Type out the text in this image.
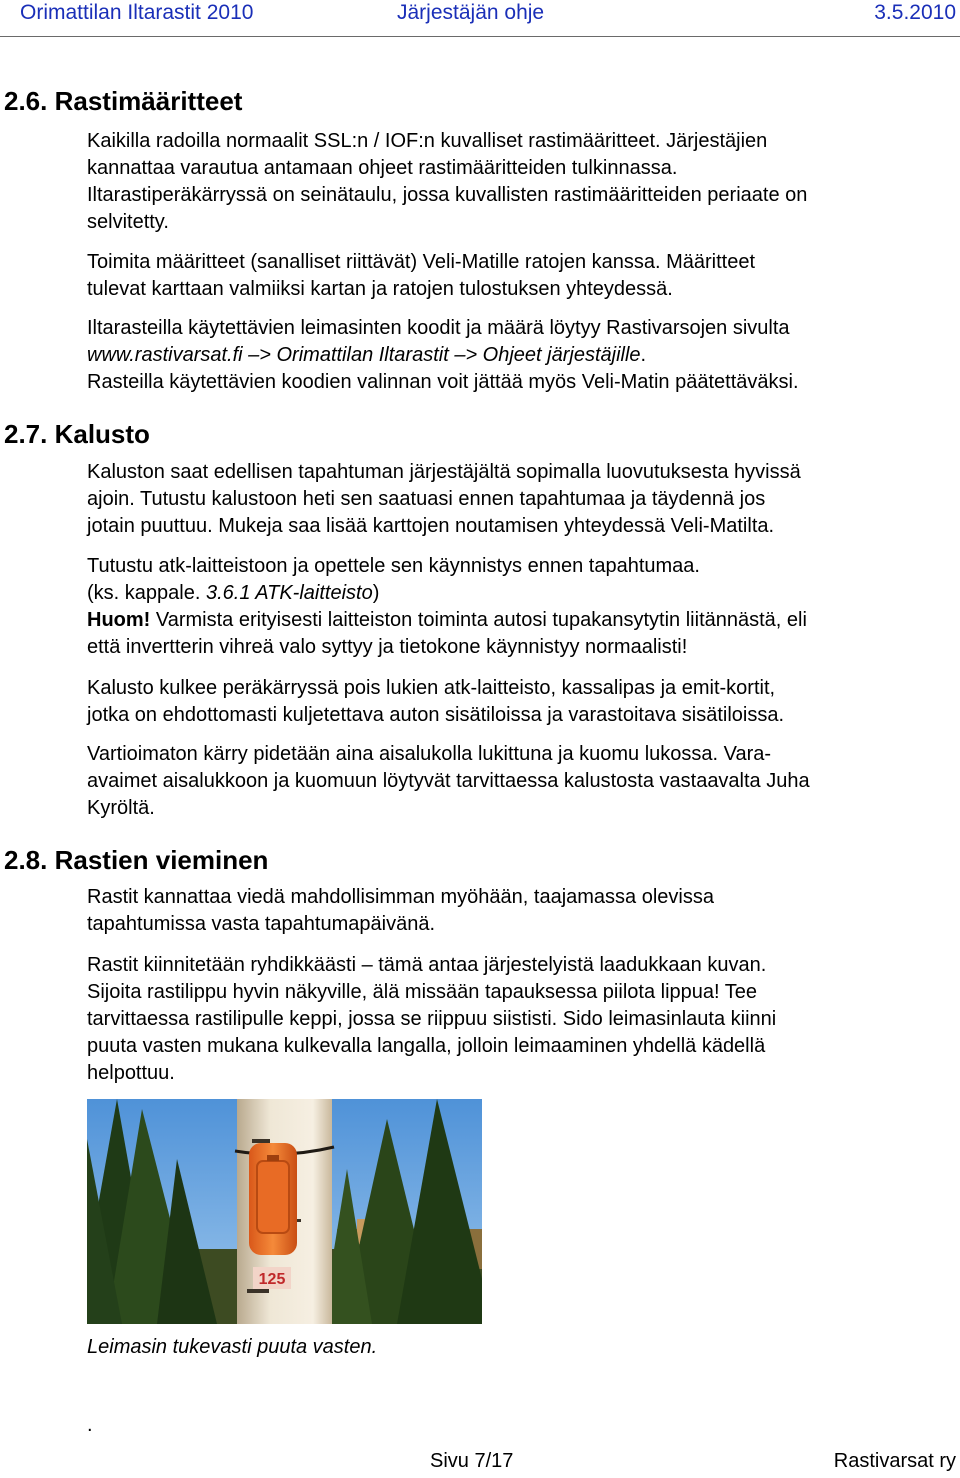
Orimattilan Iltarastit 2010	Järjestäjän ohje	3.5.2010
2.6. Rastimääritteet
Kaikilla radoilla normaalit SSL:n / IOF:n kuvalliset rastimääritteet. Järjestäjien
kannattaa varautua antamaan ohjeet rastimääritteiden tulkinnassa.
Iltarastiperäkärryssä on seinätaulu, jossa kuvallisten rastimääritteiden periaate on
selvitetty.
Toimita määritteet (sanalliset riittävät) Veli-Matille ratojen kanssa. Määritteet
tulevat karttaan valmiiksi kartan ja ratojen tulostuksen yhteydessä.
Iltarasteilla käytettävien leimasinten koodit ja määrä löytyy Rastivarsojen sivulta
www.rastivarsat.fi –> Orimattilan Iltarastit –> Ohjeet järjestäjille.
Rasteilla käytettävien koodien valinnan voit jättää myös Veli-Matin päätettäväksi.
2.7. Kalusto
Kaluston saat edellisen tapahtuman järjestäjältä sopimalla luovutuksesta hyvissä
ajoin. Tutustu kalustoon heti sen saatuasi ennen tapahtumaa ja täydennä jos
jotain puuttuu. Mukeja saa lisää karttojen noutamisen yhteydessä Veli-Matilta.
Tutustu atk-laitteistoon ja opettele sen käynnistys ennen tapahtumaa.
(ks. kappale. 3.6.1 ATK-laitteisto)
Huom! Varmista erityisesti laitteiston toiminta autosi tupakansytytin liitännästä, eli
että invertterin vihreä valo syttyy ja tietokone käynnistyy normaalisti!
Kalusto kulkee peräkärryssä pois lukien atk-laitteisto, kassalipas ja emit-kortit,
jotka on ehdottomasti kuljetettava auton sisätiloissa ja varastoitava sisätiloissa.
Vartioimaton kärry pidetään aina aisalukolla lukittuna ja kuomu lukossa. Vara-
avaimet aisalukkoon ja kuomuun löytyvät tarvittaessa kalustosta vastaavalta Juha
Kyröltä.
2.8. Rastien vieminen
Rastit kannattaa viedä mahdollisimman myöhään, taajamassa olevissa
tapahtumissa vasta tapahtumapäivänä.
Rastit kiinnitetään ryhdikkäästi – tämä antaa järjestelyistä laadukkaan kuvan.
Sijoita rastilippu hyvin näkyville, älä missään tapauksessa piilota lippua! Tee
tarvittaessa rastilipulle keppi, jossa se riippuu siististi. Sido leimasinlauta kiinni
puuta vasten mukana kulkevalla langalla, jolloin leimaaminen yhdellä kädellä
helpottuu.
125
Leimasin tukevasti puuta vasten.
.
Sivu 7/17	Rastivarsat ry
